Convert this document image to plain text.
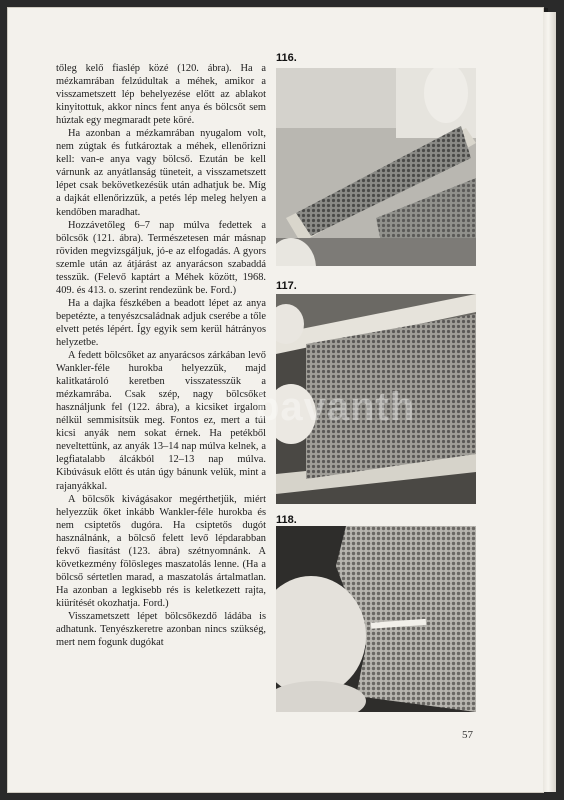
tőleg kelő fiaslép közé (120. ábra). Ha a mézkamrában felzúdultak a méhek, amikor a visszametszett lép behelyezése előtt az ablakot kinyitottuk, akkor nincs fent anya és bölcsőt sem húztak egy megmaradt pete köré.

Ha azonban a mézkamrában nyugalom volt, nem zúgtak és futkároztak a méhek, ellenőrizni kell: van-e anya vagy bölcső. Ezután be kell várnunk az anyátlanság tüneteit, a visszametszett lépet csak bekövetkezésük után adhatjuk be. Míg a dajkát ellenőrizzük, a petés lép meleg helyen a kendőben maradhat.

Hozzávetőleg 6–7 nap múlva fedettek a bölcsők (121. ábra). Természetesen már másnap röviden megvizsgáljuk, jó-e az elfogadás. A gyors szemle után az átjárást az anyarácson szabaddá tesszük. (Felevő kaptárt a Méhek között, 1968. 409. és 413. o. szerint rendezünk be. Ford.)

Ha a dajka fészkében a beadott lépet az anya bepetézte, a tenyészcsaládnak adjuk cserébe a tőle elvett petés lépért. Így egyik sem kerül hátrányos helyzetbe.

A fedett bölcsőket az anyarácsos zárkában levő Wankler-féle hurokba helyezzük, majd kalitkatároló keretben visszatesszük a mézkamrába. Csak szép, nagy bölcsőket használjunk fel (122. ábra), a kicsiket irgalom nélkül semmisítsük meg. Fontos ez, mert a túl kicsi anyák nem sokat érnek. Ha petékből neveltettünk, az anyák 13–14 nap múlva kelnek, a legfiatalabb álcákból 12–13 nap múlva. Kibúvásuk előtt és után úgy bánunk velük, mint a rajanyákkal.

A bölcsők kivágásakor megérthetjük, miért helyezzük őket inkább Wankler-féle hurokba és nem csiptetős dugóra. Ha csiptetős dugót használnánk, a bölcső felett levő lépdarabban fekvő fiasítást (123. ábra) szétnyomnánk. A következmény fölösleges maszatolás lenne. (Ha a bölcső sértetlen marad, a maszatolás ártalmatlan. Ha azonban a legkisebb rés is keletkezett rajta, kiürítését okozhatja. Ford.)

Visszametszett lépet bölcsőkezdő ládába is adhatunk. Tenyészkeretre azonban nincs szükség, mert nem fogunk dugókat

116.
117.
118.
bavanth
57
